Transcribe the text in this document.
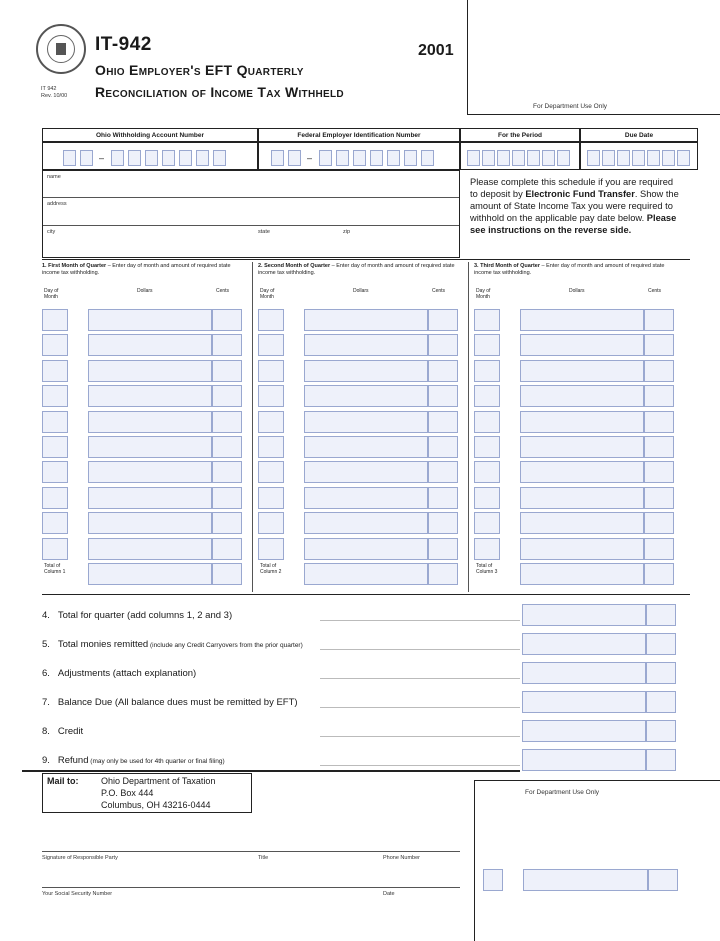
IT 942
Rev. 10/00
IT-942
Ohio Employer's EFT Quarterly
Reconciliation of Income Tax Withheld
2001
For Department Use Only
Ohio Withholding Account Number	Federal Employer Identification Number	For the Period	Due Date
–	–
name
address
city	state	zip
Please complete this schedule if you are required to deposit by Electronic Fund Transfer. Show the amount of State Income Tax you were required to withhold on the applicable pay date below. Please see instructions on the reverse side.
1. First Month of Quarter – Enter day of month and amount of required state income tax withholding.
Day of Month
Dollars	Cents
Total of Column 1
2. Second Month of Quarter – Enter day of month and amount of required state income tax withholding.
Day of Month
Dollars	Cents
Total of Column 2
3. Third Month of Quarter – Enter day of month and amount of required state income tax withholding.
Day of Month
Dollars	Cents
Total of Column 3
4. Total for quarter (add columns 1, 2 and 3)
5. Total monies remitted (include any Credit Carryovers from the prior quarter)
6. Adjustments (attach explanation)
7. Balance Due (All balance dues must be remitted by EFT)
8. Credit
9. Refund (may only be used for 4th quarter or final filing)
Mail to:	Ohio Department of Taxation
P.O. Box 444
Columbus, OH 43216-0444
For Department Use Only
Signature of Responsible Party	Title	Phone Number
Your Social Security Number	Date
